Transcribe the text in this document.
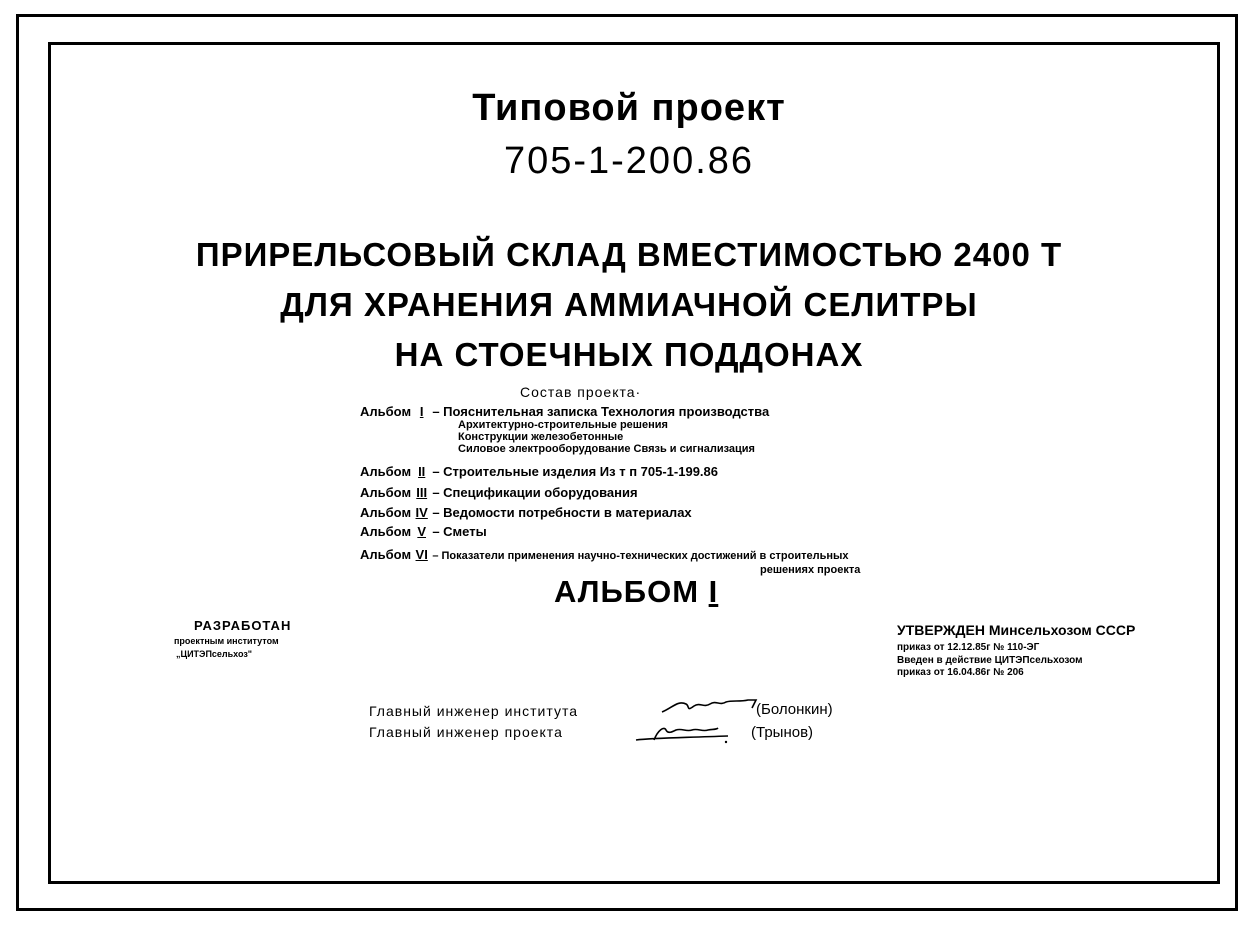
Типовой проект
705-1-200.86
ПРИРЕЛЬСОВЫЙ СКЛАД ВМЕСТИМОСТЬЮ 2400 Т
ДЛЯ ХРАНЕНИЯ АММИАЧНОЙ СЕЛИТРЫ
НА СТОЕЧНЫХ ПОДДОНАХ
Состав проекта·
Альбом I – Пояснительная записка Технология производства
Архитектурно-строительные решения
Конструкции железобетонные
Силовое электрооборудование Связь и сигнализация
Альбом II – Строительные изделия Из т п 705-1-199.86
Альбом III – Спецификации оборудования
Альбом IV – Ведомости потребности в материалах
Альбом V – Сметы
Альбом VI – Показатели применения научно-технических достижений в строительных
решениях проекта
АЛЬБОМ I
РАЗРАБОТАН
проектным институтом
„ЦИТЭПсельхоз"
УТВЕРЖДЕН Минсельхозом СССР
приказ от 12.12.85г № 110-ЭГ
Введен в действие ЦИТЭПсельхозом
приказ от 16.04.86г № 206
Главный инженер института	(Болонкин)
Главный инженер проекта	(Трынов)
